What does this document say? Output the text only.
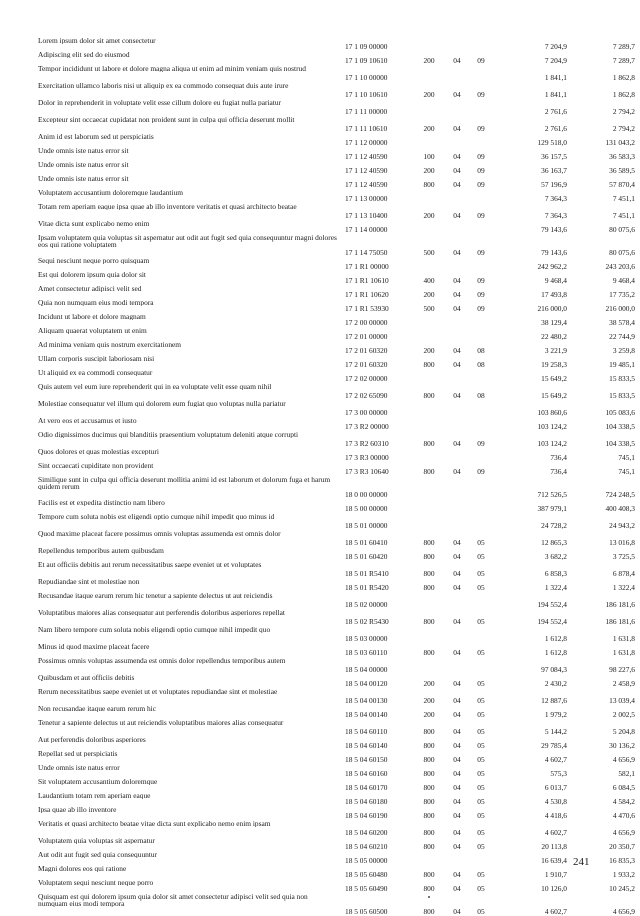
Lorem ipsum dolor sit amet consectetur
17 1 09 00000	7 204,9	7 289,7
Adipiscing elit sed do eiusmod
17 1 09 10610	200	04	09	7 204,9	7 289,7
Tempor incididunt ut labore et dolore magna aliqua ut enim ad minim veniam quis nostrud
17 1 10 00000	1 841,1	1 862,8
Exercitation ullamco laboris nisi ut aliquip ex ea commodo consequat duis aute irure
17 1 10 10610	200	04	09	1 841,1	1 862,8
Dolor in reprehenderit in voluptate velit esse cillum dolore eu fugiat nulla pariatur
17 1 11 00000	2 761,6	2 794,2
Excepteur sint occaecat cupidatat non proident sunt in culpa qui officia deserunt mollit
17 1 11 10610	200	04	09	2 761,6	2 794,2
Anim id est laborum sed ut perspiciatis
17 1 12 00000	129 518,0	131 043,2
Unde omnis iste natus error sit
17 1 12 40590	100	04	09	36 157,5	36 583,3
Unde omnis iste natus error sit
17 1 12 40590	200	04	09	36 163,7	36 589,5
Unde omnis iste natus error sit
17 1 12 40590	800	04	09	57 196,9	57 870,4
Voluptatem accusantium doloremque laudantium
17 1 13 00000	7 364,3	7 451,1
Totam rem aperiam eaque ipsa quae ab illo inventore veritatis et quasi architecto beatae
17 1 13 10400	200	04	09	7 364,3	7 451,1
Vitae dicta sunt explicabo nemo enim
17 1 14 00000	79 143,6	80 075,6
Ipsam voluptatem quia voluptas sit aspernatur aut odit aut fugit sed quia consequuntur magni dolores eos qui ratione voluptatem
17 1 14 75050	500	04	09	79 143,6	80 075,6
Sequi nesciunt neque porro quisquam
17 1 R1 00000	242 962,2	243 203,6
Est qui dolorem ipsum quia dolor sit
17 1 R1 10610	400	04	09	9 468,4	9 468,4
Amet consectetur adipisci velit sed
17 1 R1 10620	200	04	09	17 493,8	17 735,2
Quia non numquam eius modi tempora
17 1 R1 53930	500	04	09	216 000,0	216 000,0
Incidunt ut labore et dolore magnam
17 2 00 00000	38 129,4	38 578,4
Aliquam quaerat voluptatem ut enim
17 2 01 00000	22 480,2	22 744,9
Ad minima veniam quis nostrum exercitationem
17 2 01 60320	200	04	08	3 221,9	3 259,8
Ullam corporis suscipit laboriosam nisi
17 2 01 60320	800	04	08	19 258,3	19 485,1
Ut aliquid ex ea commodi consequatur
17 2 02 00000	15 649,2	15 833,5
Quis autem vel eum iure reprehenderit qui in ea voluptate velit esse quam nihil
17 2 02 65090	800	04	08	15 649,2	15 833,5
Molestiae consequatur vel illum qui dolorem eum fugiat quo voluptas nulla pariatur
17 3 00 00000	103 860,6	105 083,6
At vero eos et accusamus et iusto
17 3 R2 00000	103 124,2	104 338,5
Odio dignissimos ducimus qui blanditiis praesentium voluptatum deleniti atque corrupti
17 3 R2 60310	800	04	09	103 124,2	104 338,5
Quos dolores et quas molestias excepturi
17 3 R3 00000	736,4	745,1
Sint occaecati cupiditate non provident
17 3 R3 10640	800	04	09	736,4	745,1
Similique sunt in culpa qui officia deserunt mollitia animi id est laborum et dolorum fuga et harum quidem rerum
18 0 00 00000	712 526,5	724 248,5
Facilis est et expedita distinctio nam libero
18 5 00 00000	387 979,1	400 408,3
Tempore cum soluta nobis est eligendi optio cumque nihil impedit quo minus id
18 5 01 00000	24 728,2	24 943,2
Quod maxime placeat facere possimus omnis voluptas assumenda est omnis dolor
18 5 01 60410	800	04	05	12 865,3	13 016,8
Repellendus temporibus autem quibusdam
18 5 01 60420	800	04	05	3 682,2	3 725,5
Et aut officiis debitis aut rerum necessitatibus saepe eveniet ut et voluptates
18 5 01 R5410	800	04	05	6 858,3	6 878,4
Repudiandae sint et molestiae non
18 5 01 R5420	800	04	05	1 322,4	1 322,4
Recusandae itaque earum rerum hic tenetur a sapiente delectus ut aut reiciendis
18 5 02 00000	194 552,4	186 181,6
Voluptatibus maiores alias consequatur aut perferendis doloribus asperiores repellat
18 5 02 R5430	800	04	05	194 552,4	186 181,6
Nam libero tempore cum soluta nobis eligendi optio cumque nihil impedit quo
18 5 03 00000	1 612,8	1 631,8
Minus id quod maxime placeat facere
18 5 03 60110	800	04	05	1 612,8	1 631,8
Possimus omnis voluptas assumenda est omnis dolor repellendus temporibus autem
18 5 04 00000	97 084,3	98 227,6
Quibusdam et aut officiis debitis
18 5 04 00120	200	04	05	2 430,2	2 458,9
Rerum necessitatibus saepe eveniet ut et voluptates repudiandae sint et molestiae
18 5 04 00130	200	04	05	12 887,6	13 039,4
Non recusandae itaque earum rerum hic
18 5 04 00140	200	04	05	1 979,2	2 002,5
Tenetur a sapiente delectus ut aut reiciendis voluptatibus maiores alias consequatur
18 5 04 60110	800	04	05	5 144,2	5 204,8
Aut perferendis doloribus asperiores
18 5 04 60140	800	04	05	29 785,4	30 136,2
Repellat sed ut perspiciatis
18 5 04 60150	800	04	05	4 602,7	4 656,9
Unde omnis iste natus error
18 5 04 60160	800	04	05	575,3	582,1
Sit voluptatem accusantium doloremque
18 5 04 60170	800	04	05	6 013,7	6 084,5
Laudantium totam rem aperiam eaque
18 5 04 60180	800	04	05	4 530,8	4 584,2
Ipsa quae ab illo inventore
18 5 04 60190	800	04	05	4 418,6	4 470,6
Veritatis et quasi architecto beatae vitae dicta sunt explicabo nemo enim ipsam
18 5 04 60200	800	04	05	4 602,7	4 656,9
Voluptatem quia voluptas sit aspernatur
18 5 04 60210	800	04	05	20 113,8	20 350,7
Aut odit aut fugit sed quia consequuntur
18 5 05 00000	16 639,4	16 835,3
Magni dolores eos qui ratione
18 5 05 60480	800	04	05	1 910,7	1 933,2
Voluptatem sequi nesciunt neque porro
18 5 05 60490	800	04	05	10 126,0	10 245,2
Quisquam est qui dolorem ipsum quia dolor sit amet consectetur adipisci velit sed quia non numquam eius modi tempora
18 5 05 60500	800	04	05	4 602,7	4 656,9
241
